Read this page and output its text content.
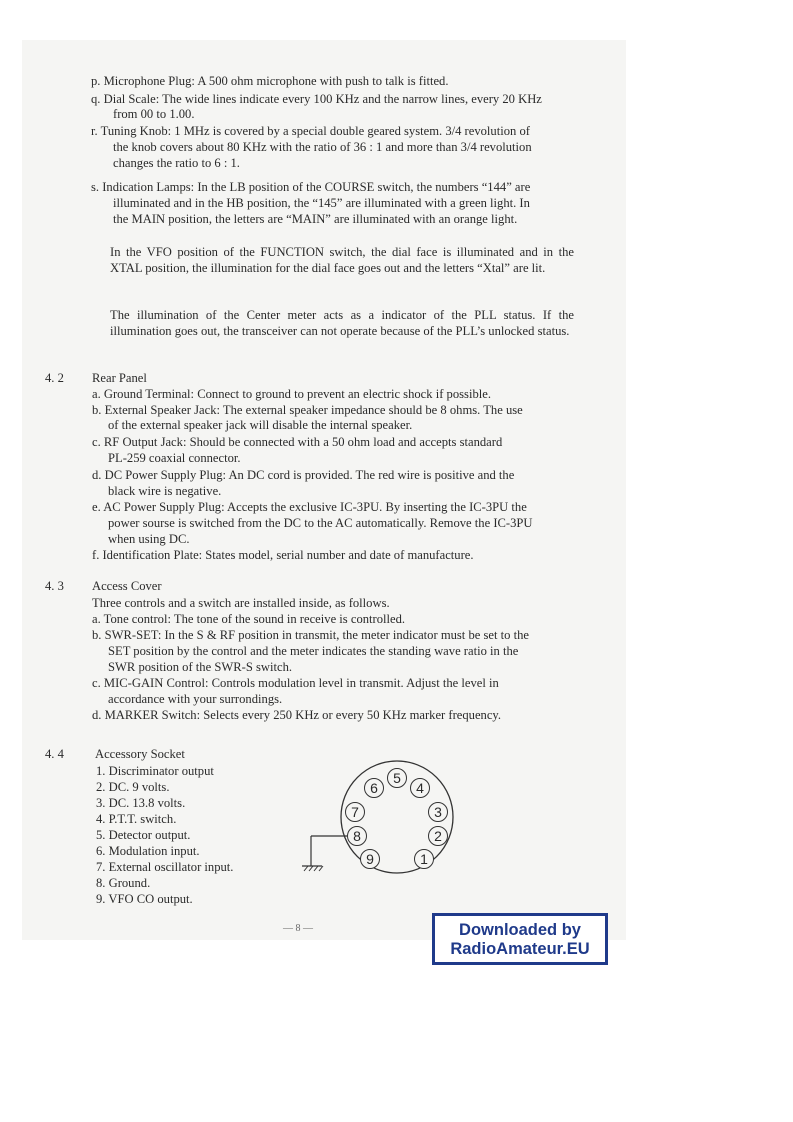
p. Microphone Plug: A 500 ohm microphone with push to talk is fitted.
q. Dial Scale: The wide lines indicate every 100 KHz and the narrow lines, every 20 KHz
from 00 to 1.00.
r. Tuning Knob: 1 MHz is covered by a special double geared system. 3/4 revolution of
the knob covers about 80 KHz with the ratio of 36 : 1 and more than 3/4 revolution
changes the ratio to 6 : 1.
s. Indication Lamps: In the LB position of the COURSE switch, the numbers “144” are
illuminated and in the HB position, the “145” are illuminated with a green light. In
the MAIN position, the letters are “MAIN” are illuminated with an orange light.
In the VFO position of the FUNCTION switch, the dial face is illuminated and in the XTAL position, the illumination for the dial face goes out and the letters “Xtal” are lit.
The illumination of the Center meter acts as a indicator of the PLL status. If the illumination goes out, the transceiver can not operate because of the PLL’s unlocked status.
4. 2 Rear Panel
a. Ground Terminal: Connect to ground to prevent an electric shock if possible.
b. External Speaker Jack: The external speaker impedance should be 8 ohms. The use
of the external speaker jack will disable the internal speaker.
c. RF Output Jack: Should be connected with a 50 ohm load and accepts standard
PL-259 coaxial connector.
d. DC Power Supply Plug: An DC cord is provided. The red wire is positive and the
black wire is negative.
e. AC Power Supply Plug: Accepts the exclusive IC-3PU. By inserting the IC-3PU the
power sourse is switched from the DC to the AC automatically. Remove the IC-3PU
when using DC.
f. Identification Plate: States model, serial number and date of manufacture.
4. 3 Access Cover
Three controls and a switch are installed inside, as follows.
a. Tone control: The tone of the sound in receive is controlled.
b. SWR-SET: In the S & RF position in transmit, the meter indicator must be set to the
SET position by the control and the meter indicates the standing wave ratio in the
SWR position of the SWR-S switch.
c. MIC-GAIN Control: Controls modulation level in transmit. Adjust the level in
accordance with your surrondings.
d. MARKER Switch: Selects every 250 KHz or every 50 KHz marker frequency.
4. 4 Accessory Socket
1. Discriminator output
2. DC. 9 volts.
3. DC. 13.8 volts.
4. P.T.T. switch.
5. Detector output.
6. Modulation input.
7. External oscillator input.
8. Ground.
9. VFO CO output.
5
6	4
7	3
8	2
9	1
— 8 —	Downloaded by
RadioAmateur.EU
